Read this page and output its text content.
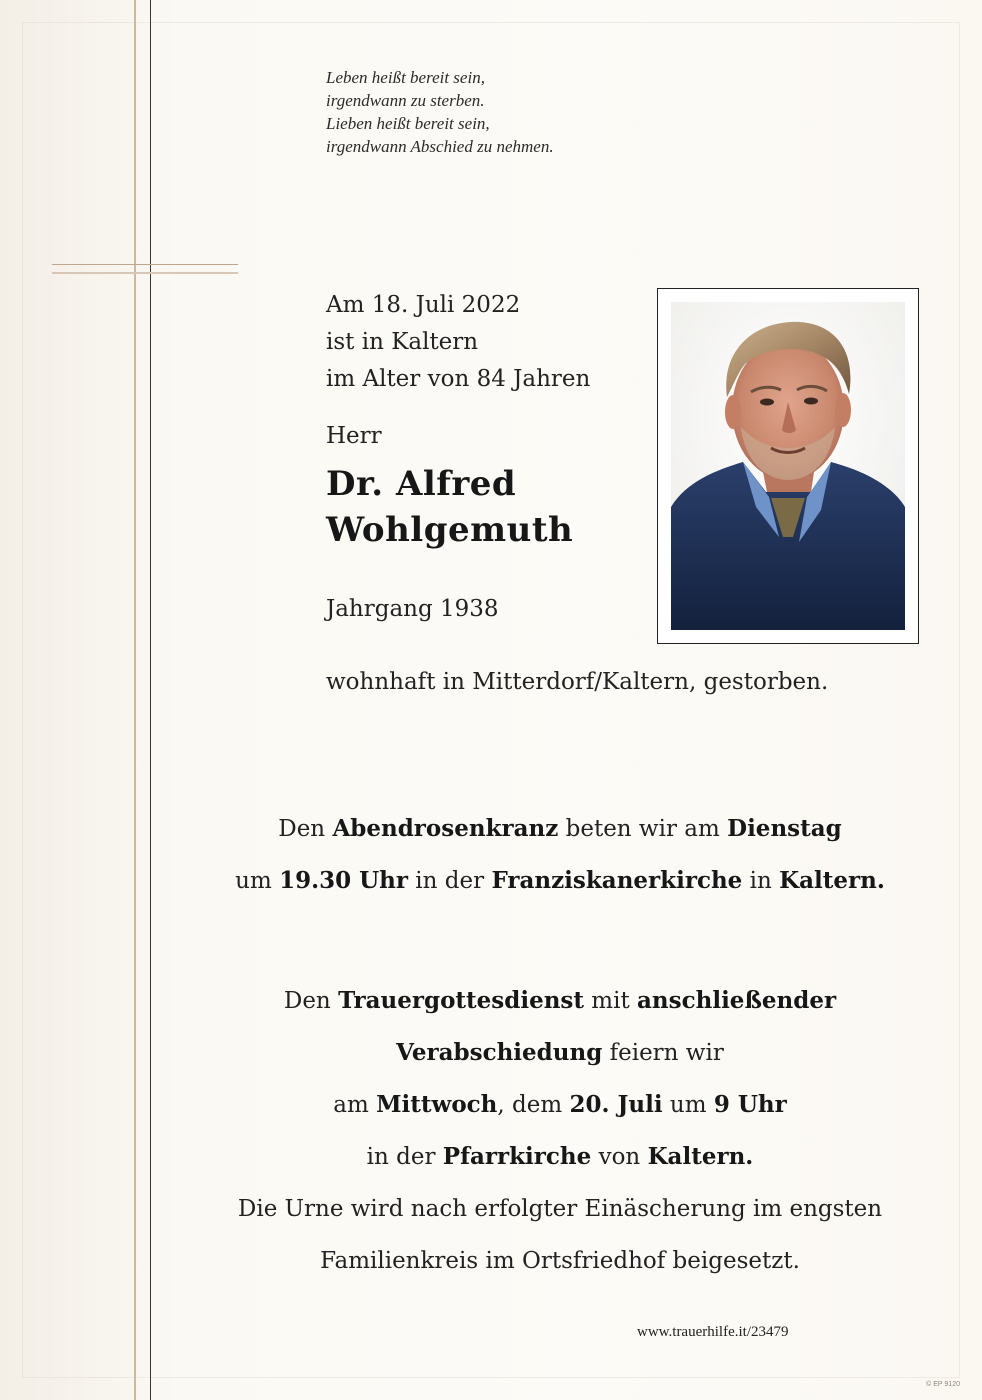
Leben heißt bereit sein,
irgendwann zu sterben.
Lieben heißt bereit sein,
irgendwann Abschied zu nehmen.
Am 18. Juli 2022
ist in Kaltern
im Alter von 84 Jahren
Herr
Dr. Alfred
Wohlgemuth
Jahrgang 1938
wohnhaft in Mitterdorf/Kaltern, gestorben.
Den Abendrosenkranz beten wir am Dienstag
um 19.30 Uhr in der Franziskanerkirche in Kaltern.
Den Trauergottesdienst mit anschließender
Verabschiedung feiern wir
am Mittwoch, dem 20. Juli um 9 Uhr
in der Pfarrkirche von Kaltern.
Die Urne wird nach erfolgter Einäscherung im engsten
Familienkreis im Ortsfriedhof beigesetzt.
www.trauerhilfe.it/23479
© EP 9120
